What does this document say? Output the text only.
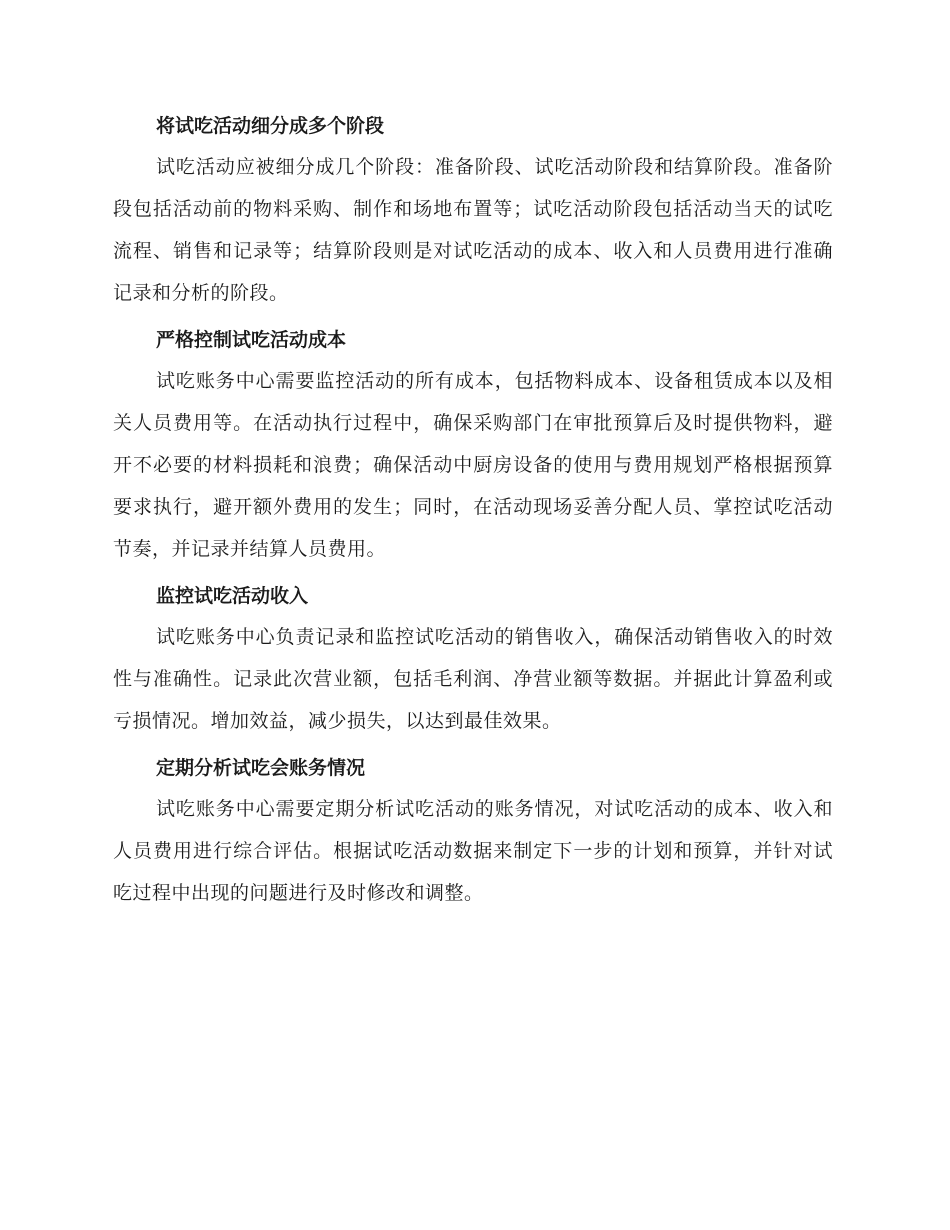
将试吃活动细分成多个阶段

试吃活动应被细分成几个阶段：准备阶段、试吃活动阶段和结算阶段。准备阶段包括活动前的物料采购、制作和场地布置等；试吃活动阶段包括活动当天的试吃流程、销售和记录等；结算阶段则是对试吃活动的成本、收入和人员费用进行准确记录和分析的阶段。

严格控制试吃活动成本

试吃账务中心需要监控活动的所有成本，包括物料成本、设备租赁成本以及相关人员费用等。在活动执行过程中，确保采购部门在审批预算后及时提供物料，避开不必要的材料损耗和浪费；确保活动中厨房设备的使用与费用规划严格根据预算要求执行，避开额外费用的发生；同时，在活动现场妥善分配人员、掌控试吃活动节奏，并记录并结算人员费用。

监控试吃活动收入

试吃账务中心负责记录和监控试吃活动的销售收入，确保活动销售收入的时效性与准确性。记录此次营业额，包括毛利润、净营业额等数据。并据此计算盈利或亏损情况。增加效益，减少损失，以达到最佳效果。

定期分析试吃会账务情况

试吃账务中心需要定期分析试吃活动的账务情况，对试吃活动的成本、收入和人员费用进行综合评估。根据试吃活动数据来制定下一步的计划和预算，并针对试吃过程中出现的问题进行及时修改和调整。
